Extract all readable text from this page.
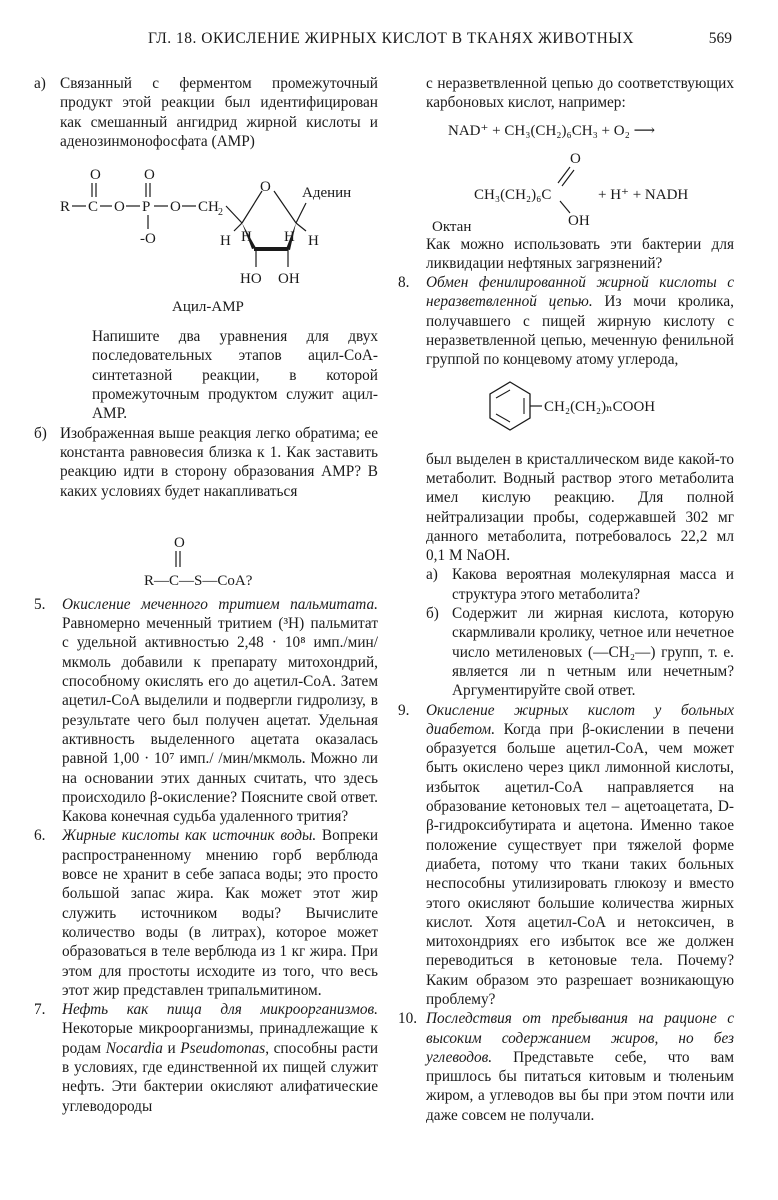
ГЛ. 18. ОКИСЛЕНИЕ ЖИРНЫХ КИСЛОТ В ТКАНЯХ ЖИВОТНЫХ	569
а) Связанный с ферментом промежуточный продукт этой реакции был идентифицирован как смешанный ангидрид жирной кислоты и аденозинмонофосфата (АМР)
O	O
R C O P O CH 2
-O
O Аденин
H H H H
HO OH
Ацил-АМР
Напишите два уравнения для двух последовательных этапов ацил-CoA-синтетазной реакции, в которой промежуточным продуктом служит ацил-АМР.
б) Изображенная выше реакция легко обратима; ее константа равновесия близка к 1. Как заставить реакцию идти в сторону образования АМР? В каких условиях будет накапливаться
O
R—C—S—CoA?
5. Окисление меченного тритием пальмитата. Равномерно меченный тритием (³H) пальмитат с удельной активностью 2,48 · 10⁸ имп./мин/мкмоль добавили к препарату митохондрий, способному окислять его до ацетил-CoA. Затем ацетил-CoA выделили и подвергли гидролизу, в результате чего был получен ацетат. Удельная активность выделенного ацетата оказалась равной 1,00 · 10⁷ имп./ /мин/мкмоль. Можно ли на основании этих данных считать, что здесь происходило β-окисление? Поясните свой ответ. Какова конечная судьба удаленного трития?
6. Жирные кислоты как источник воды. Вопреки распространенному мнению горб верблюда вовсе не хранит в себе запаса воды; это просто большой запас жира. Как может этот жир служить источником воды? Вычислите количество воды (в литрах), которое может образоваться в теле верблюда из 1 кг жира. При этом для простоты исходите из того, что весь этот жир представлен трипальмитином.
7. Нефть как пища для микроорганизмов. Некоторые микроорганизмы, принадлежащие к родам Nocardia и Pseudomonas, способны расти в условиях, где единственной их пищей служит нефть. Эти бактерии окисляют алифатические углеводороды
с неразветвленной цепью до соответствующих карбоновых кислот, например:
NAD⁺ + CH₃(CH₂)₆CH₃ + O₂ ⟶
O
CH₃(CH₂)₆C
OH
+ H⁺ + NADH
Октан
Как можно использовать эти бактерии для ликвидации нефтяных загрязнений?
8. Обмен фенилированной жирной кислоты с неразветвленной цепью. Из мочи кролика, получавшего с пищей жирную кислоту с неразветвленной цепью, меченную фенильной группой по концевому атому углерода,
CH₂(CH₂)ₙCOOH
был выделен в кристаллическом виде какой-то метаболит. Водный раствор этого метаболита имел кислую реакцию. Для полной нейтрализации пробы, содержавшей 302 мг данного метаболита, потребовалось 22,2 мл 0,1 М NaOH.
а) Какова вероятная молекулярная масса и структура этого метаболита?
б) Содержит ли жирная кислота, которую скармливали кролику, четное или нечетное число метиленовых (—CH₂—) групп, т. е. является ли n четным или нечетным? Аргументируйте свой ответ.
9. Окисление жирных кислот у больных диабетом. Когда при β-окислении в печени образуется больше ацетил-CoA, чем может быть окислено через цикл лимонной кислоты, избыток ацетил-CoA направляется на образование кетоновых тел – ацетоацетата, D-β-гидроксибутирата и ацетона. Именно такое положение существует при тяжелой форме диабета, потому что ткани таких больных неспособны утилизировать глюкозу и вместо этого окисляют большие количества жирных кислот. Хотя ацетил-CoA и нетоксичен, в митохондриях его избыток все же должен переводиться в кетоновые тела. Почему? Каким образом это разрешает возникающую проблему?
10. Последствия от пребывания на рационе с высоким содержанием жиров, но без углеводов. Представьте себе, что вам пришлось бы питаться китовым и тюленьим жиром, а углеводов вы бы при этом почти или даже совсем не получали.
